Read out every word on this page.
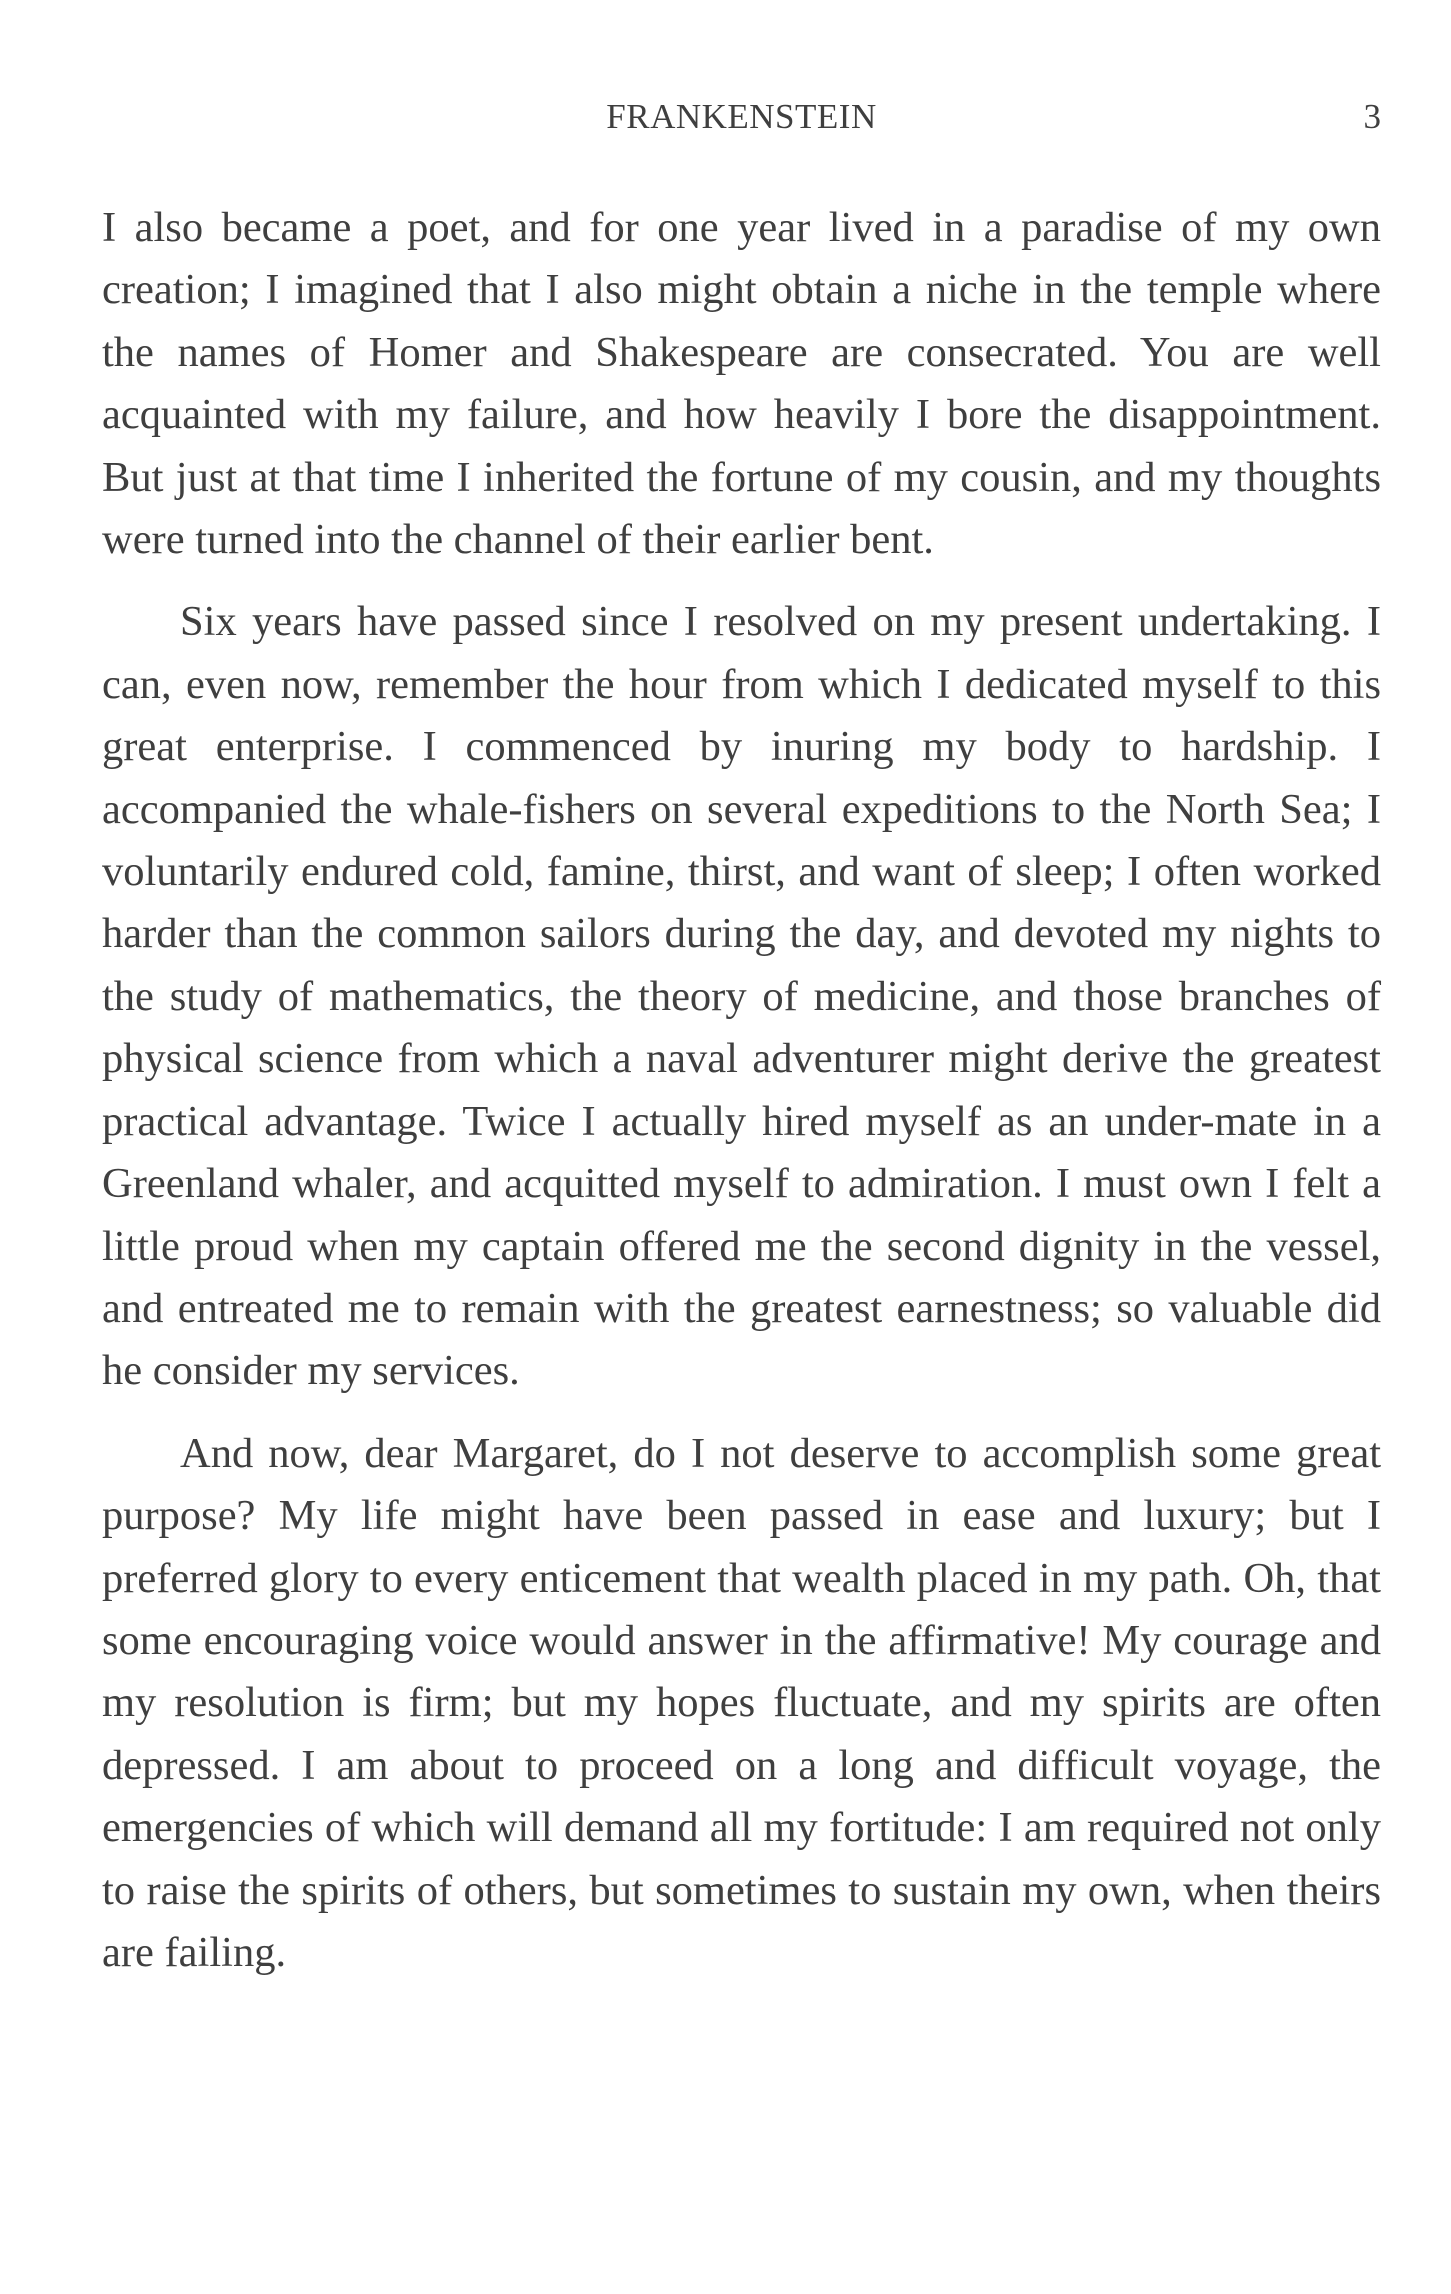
FRANKENSTEIN	3

I also became a poet, and for one year lived in a paradise of my own creation; I imagined that I also might obtain a niche in the temple where the names of Homer and Shakespeare are consecrated. You are well acquainted with my failure, and how heavily I bore the disappointment. But just at that time I inherited the fortune of my cousin, and my thoughts were turned into the channel of their earlier bent.

Six years have passed since I resolved on my present undertaking. I can, even now, remember the hour from which I dedicated myself to this great enterprise. I commenced by inuring my body to hardship. I accompanied the whale-fishers on several expeditions to the North Sea; I voluntarily endured cold, famine, thirst, and want of sleep; I often worked harder than the common sailors during the day, and devoted my nights to the study of mathematics, the theory of medicine, and those branches of physical science from which a naval adventurer might derive the greatest practical advantage. Twice I actually hired myself as an under-mate in a Greenland whaler, and acquitted myself to admiration. I must own I felt a little proud when my captain offered me the second dignity in the vessel, and entreated me to remain with the greatest earnestness; so valuable did he consider my services.

And now, dear Margaret, do I not deserve to accomplish some great purpose? My life might have been passed in ease and luxury; but I preferred glory to every enticement that wealth placed in my path. Oh, that some encouraging voice would answer in the affirmative! My courage and my resolution is firm; but my hopes fluctuate, and my spirits are often depressed. I am about to proceed on a long and difficult voyage, the emergencies of which will demand all my fortitude: I am required not only to raise the spirits of others, but sometimes to sustain my own, when theirs are failing.
